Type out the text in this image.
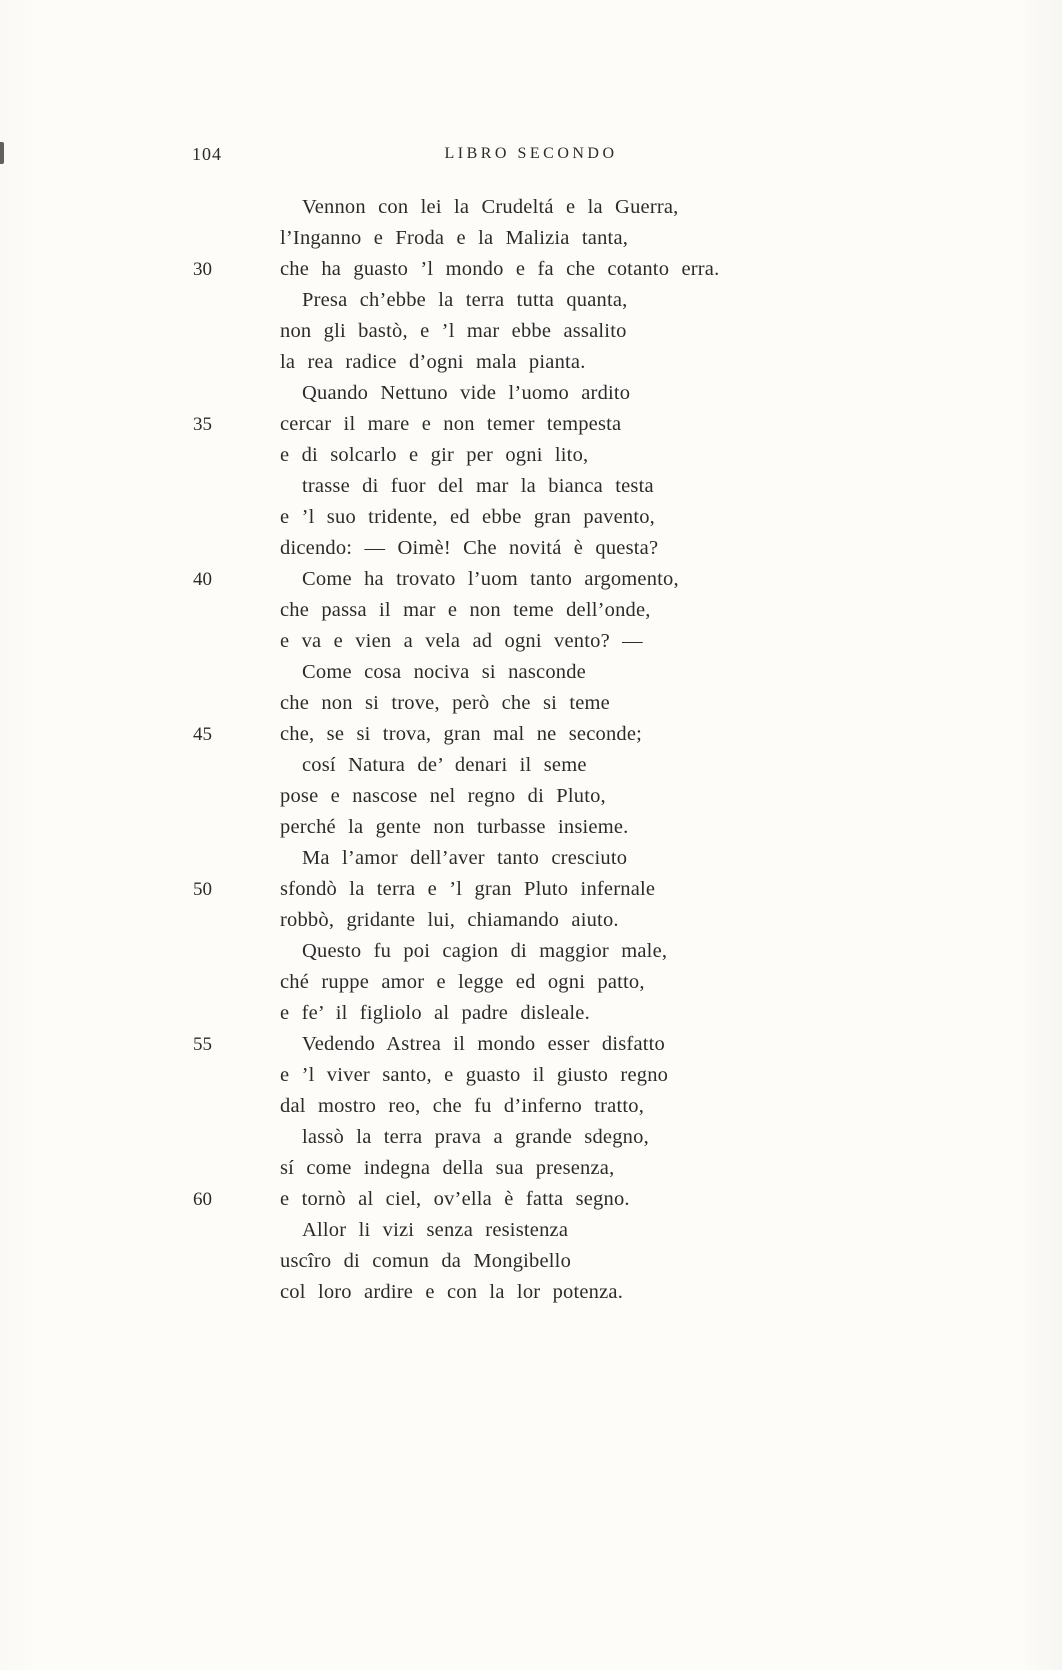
104	LIBRO SECONDO
Vennon con lei la Crudeltá e la Guerra,
l’Inganno e Froda e la Malizia tanta,
30	che ha guasto ’l mondo e fa che cotanto erra.
Presa ch’ebbe la terra tutta quanta,
non gli bastò, e ’l mar ebbe assalito
la rea radice d’ogni mala pianta.
Quando Nettuno vide l’uomo ardito
35	cercar il mare e non temer tempesta
e di solcarlo e gir per ogni lito,
trasse di fuor del mar la bianca testa
e ’l suo tridente, ed ebbe gran pavento,
dicendo: — Oimè! Che novitá è questa?
40	Come ha trovato l’uom tanto argomento,
che passa il mar e non teme dell’onde,
e va e vien a vela ad ogni vento? —
Come cosa nociva si nasconde
che non si trove, però che si teme
45	che, se si trova, gran mal ne seconde;
cosí Natura de’ denari il seme
pose e nascose nel regno di Pluto,
perché la gente non turbasse insieme.
Ma l’amor dell’aver tanto cresciuto
50	sfondò la terra e ’l gran Pluto infernale
robbò, gridante lui, chiamando aiuto.
Questo fu poi cagion di maggior male,
ché ruppe amor e legge ed ogni patto,
e fe’ il figliolo al padre disleale.
55	Vedendo Astrea il mondo esser disfatto
e ’l viver santo, e guasto il giusto regno
dal mostro reo, che fu d’inferno tratto,
lassò la terra prava a grande sdegno,
sí come indegna della sua presenza,
60	e tornò al ciel, ov’ella è fatta segno.
Allor li vizi senza resistenza
uscîro di comun da Mongibello
col loro ardire e con la lor potenza.
